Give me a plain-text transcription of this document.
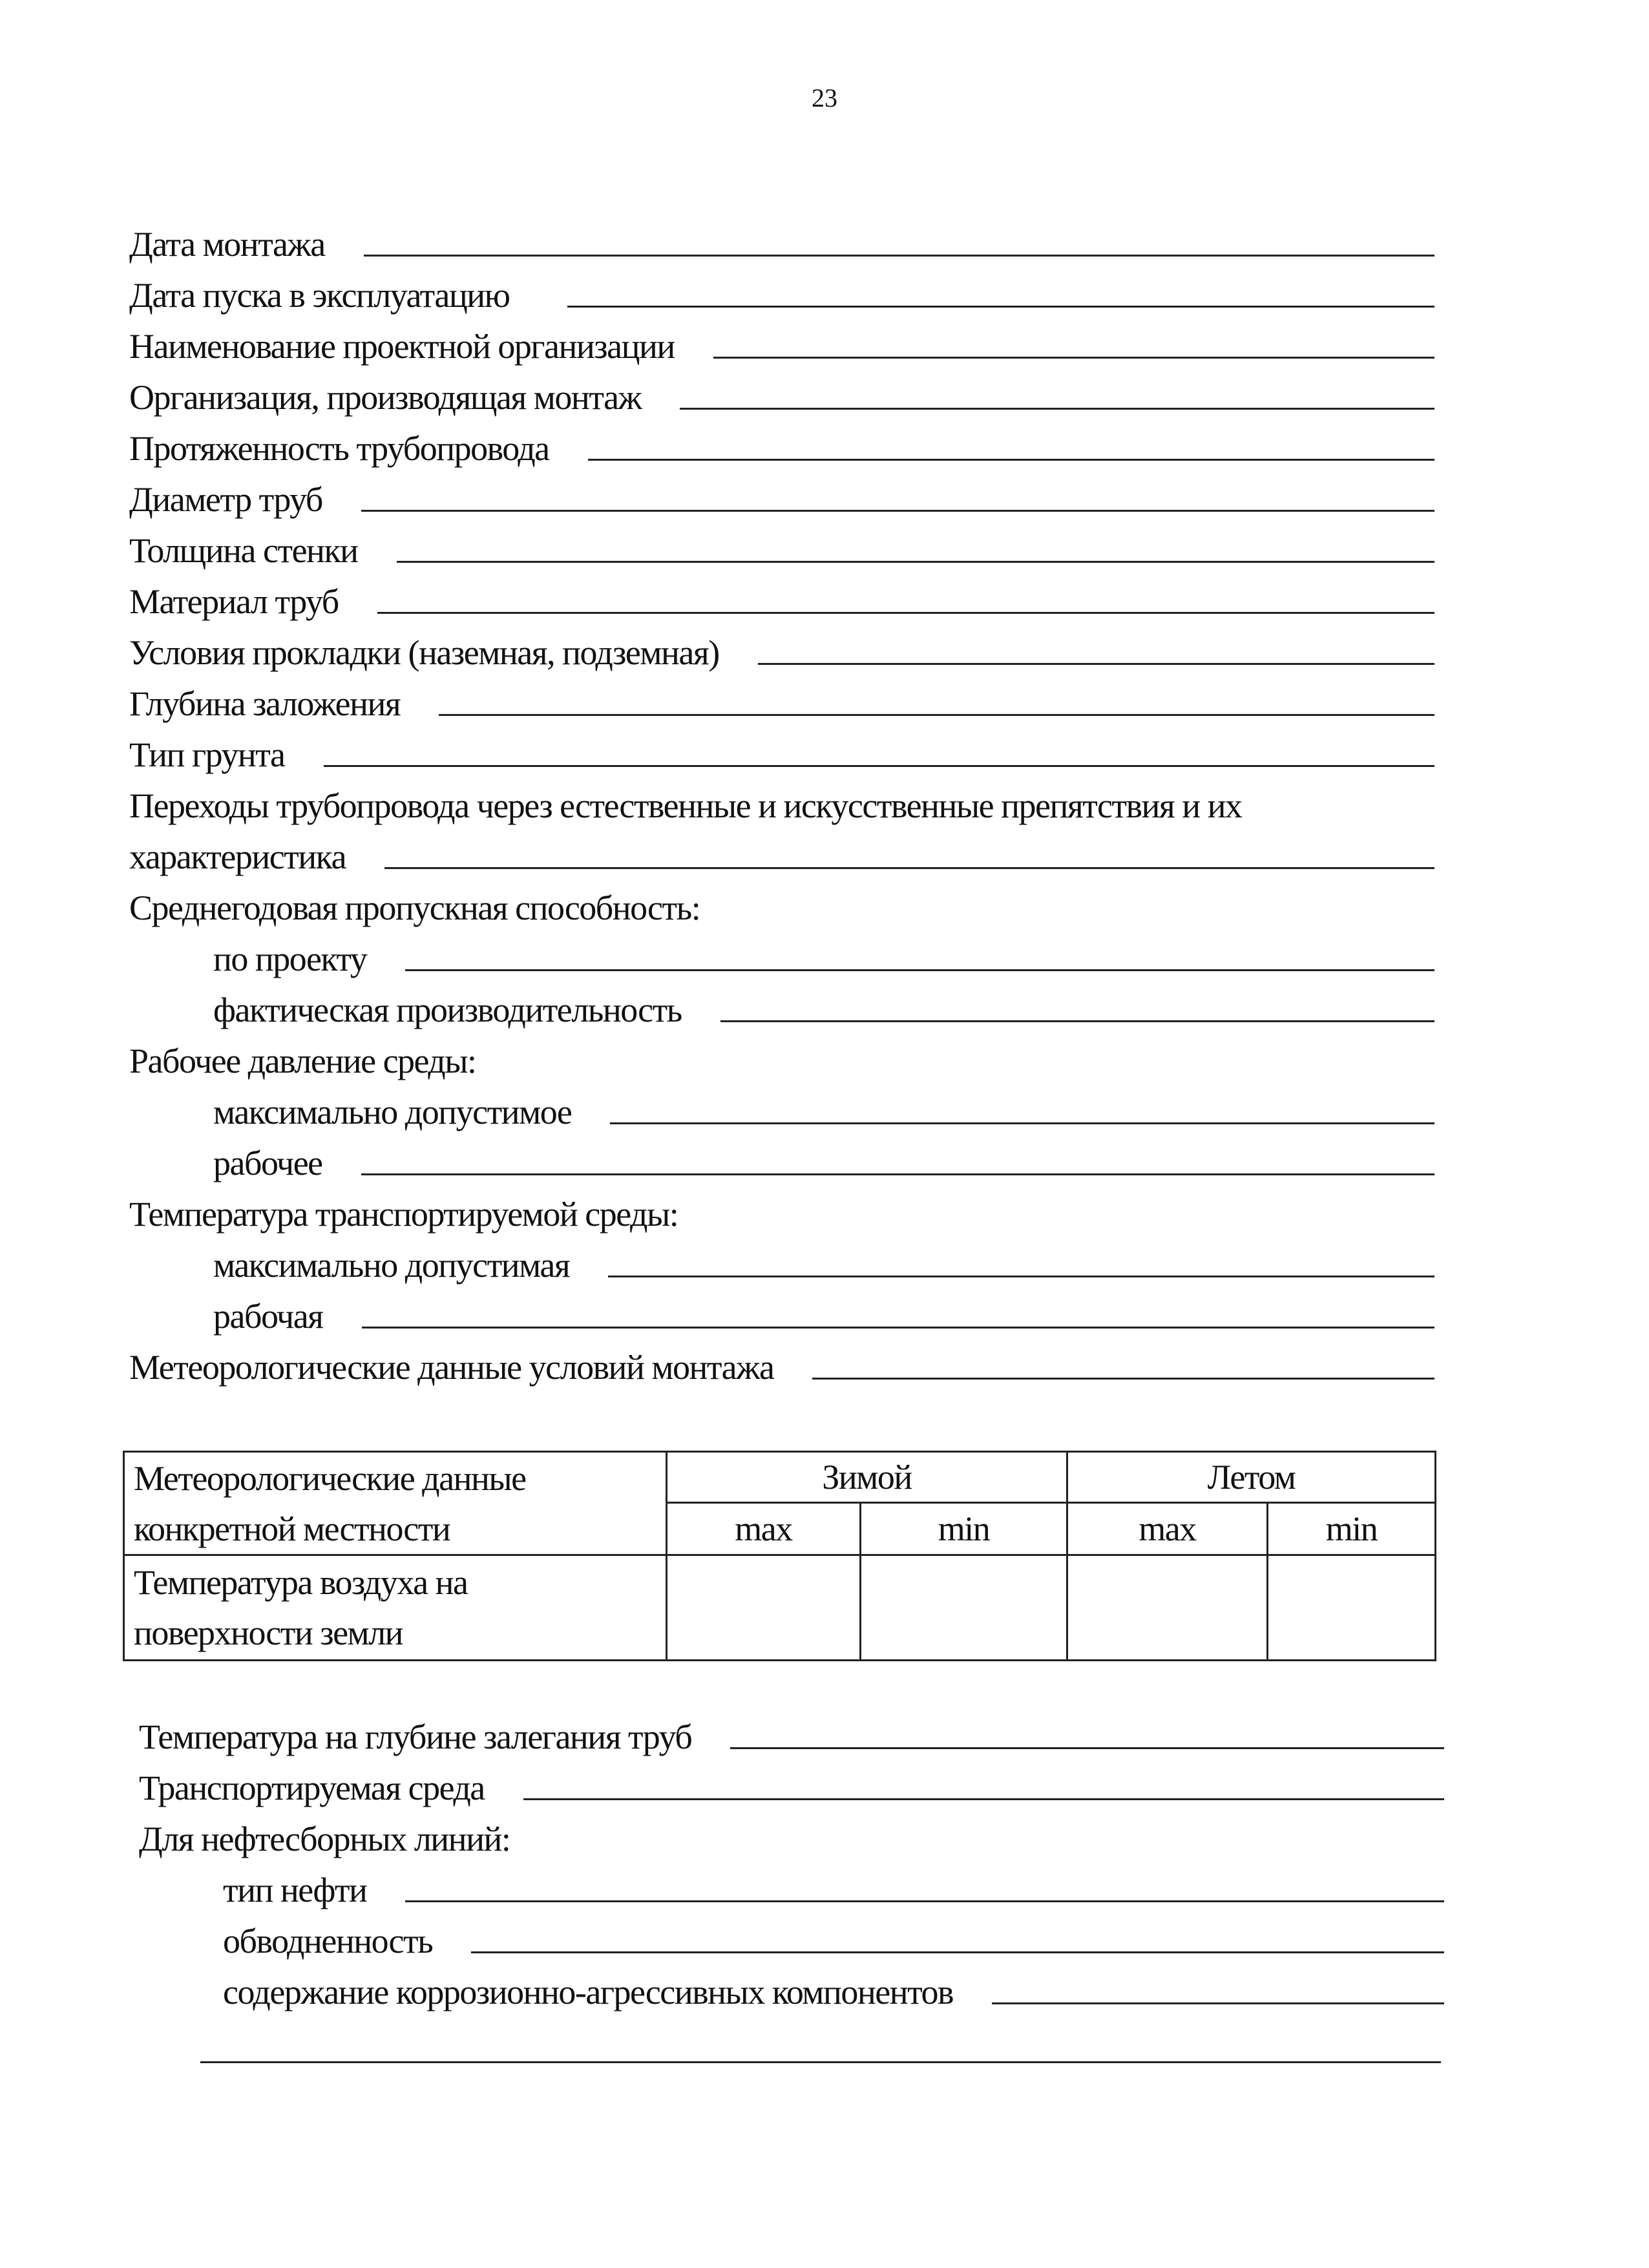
23
Дата монтажа
Дата пуска в эксплуатацию
Наименование проектной организации
Организация, производящая монтаж
Протяженность трубопровода
Диаметр труб
Толщина стенки
Материал труб
Условия прокладки (наземная, подземная)
Глубина заложения
Тип грунта
Переходы трубопровода через естественные и искусственные препятствия и их
характеристика
Среднегодовая пропускная способность:
по проекту
фактическая производительность
Рабочее давление среды:
максимально допустимое
рабочее
Температура транспортируемой среды:
максимально допустимая
рабочая
Метеорологические данные условий монтажа
Метеорологические данные
конкретной местности	Зимой		Летом	
	max	min	max	min

Температура воздуха на
поверхности земли				

Температура на глубине залегания труб
Транспортируемая среда
Для нефтесборных линий:
тип нефти
обводненность
содержание коррозионно-агрессивных компонентов
